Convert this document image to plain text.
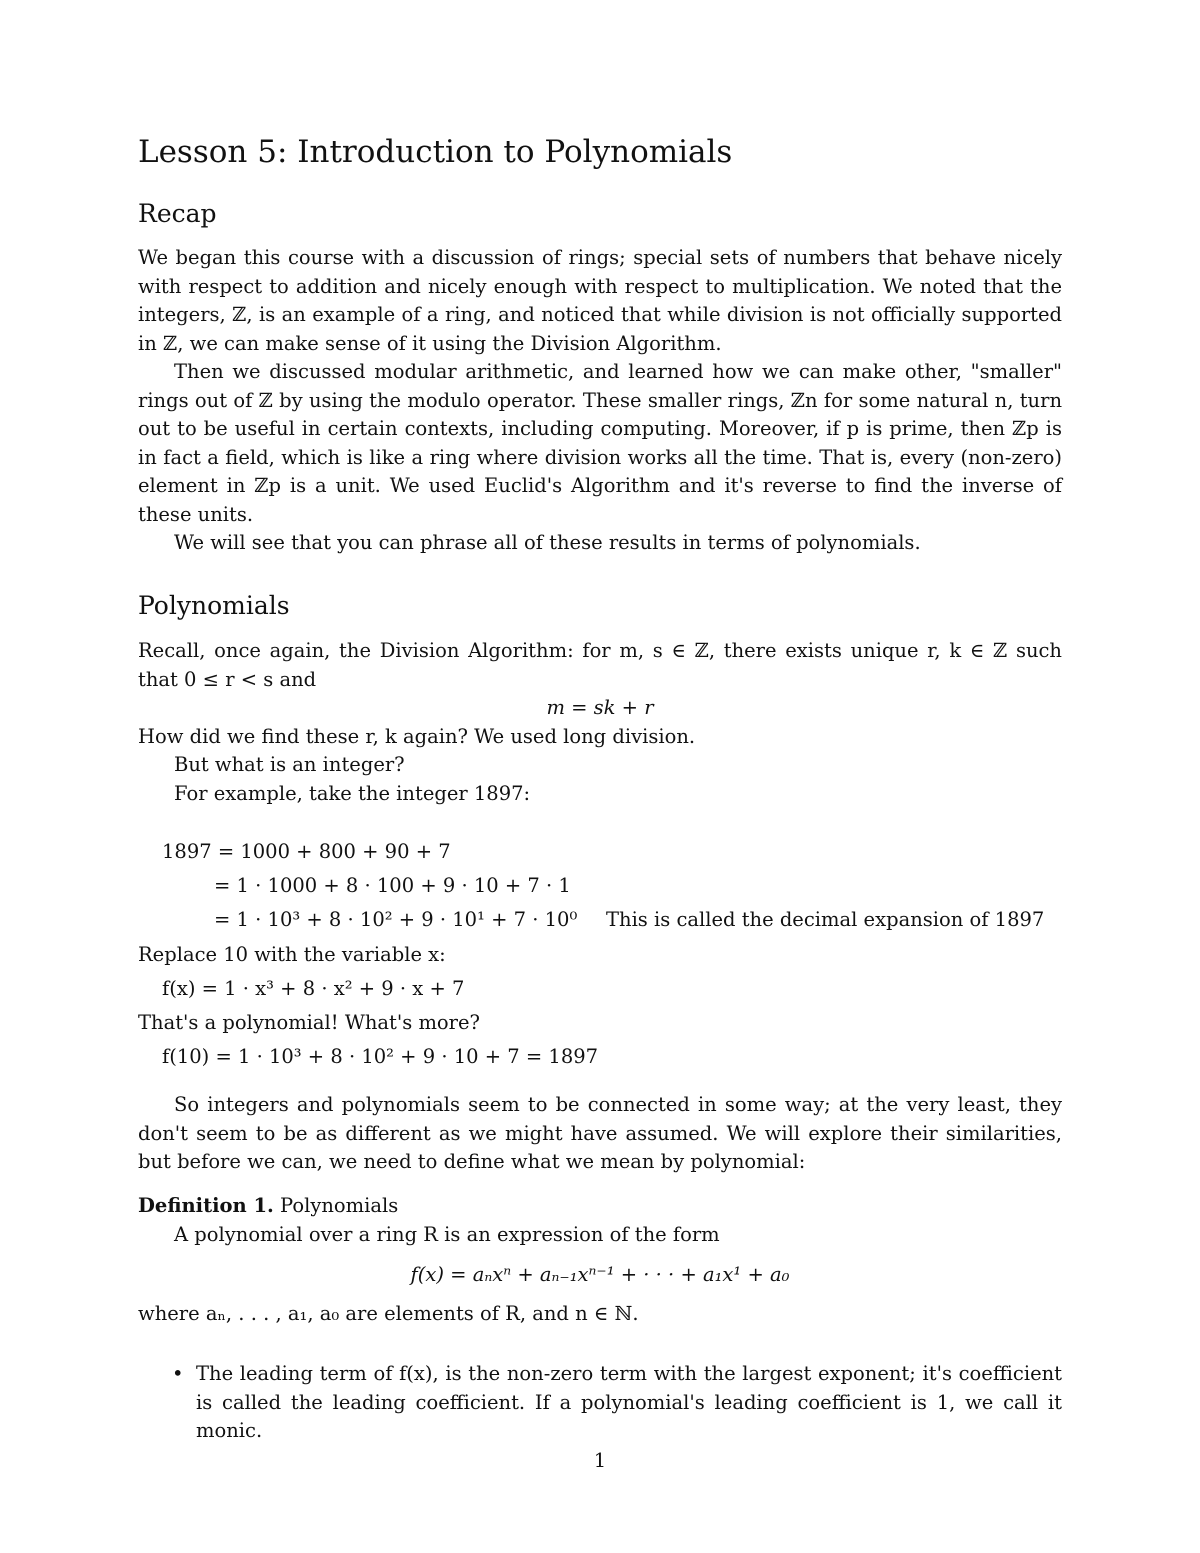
Lesson 5: Introduction to Polynomials
Recap

We began this course with a discussion of rings; special sets of numbers that behave nicely with respect to addition and nicely enough with respect to multiplication. We noted that the integers, ℤ, is an example of a ring, and noticed that while division is not officially supported in ℤ, we can make sense of it using the Division Algorithm.

Then we discussed modular arithmetic, and learned how we can make other, "smaller" rings out of ℤ by using the modulo operator. These smaller rings, ℤn for some natural n, turn out to be useful in certain contexts, including computing. Moreover, if p is prime, then ℤp is in fact a field, which is like a ring where division works all the time. That is, every (non-zero) element in ℤp is a unit. We used Euclid's Algorithm and it's reverse to find the inverse of these units.

We will see that you can phrase all of these results in terms of polynomials.

Polynomials

Recall, once again, the Division Algorithm: for m, s ∈ ℤ, there exists unique r, k ∈ ℤ such that 0 ≤ r < s and

m = sk + r

How did we find these r, k again? We used long division.

But what is an integer?

For example, take the integer 1897:

1897 = 1000 + 800 + 90 + 7
= 1 · 1000 + 8 · 100 + 9 · 10 + 7 · 1
= 1 · 10³ + 8 · 10² + 9 · 10¹ + 7 · 10⁰ This is called the decimal expansion of 1897
Replace 10 with the variable x:
f(x) = 1 · x³ + 8 · x² + 9 · x + 7
That's a polynomial! What's more?
f(10) = 1 · 10³ + 8 · 10² + 9 · 10 + 7 = 1897

So integers and polynomials seem to be connected in some way; at the very least, they don't seem to be as different as we might have assumed. We will explore their similarities, but before we can, we need to define what we mean by polynomial:

Definition 1. Polynomials

A polynomial over a ring R is an expression of the form

f(x) = aₙxⁿ + aₙ₋₁xⁿ⁻¹ + · · · + a₁x¹ + a₀

where aₙ, . . . , a₁, a₀ are elements of R, and n ∈ ℕ.

• The leading term of f(x), is the non-zero term with the largest exponent; it's coefficient is called the leading coefficient. If a polynomial's leading coefficient is 1, we call it monic.

1
